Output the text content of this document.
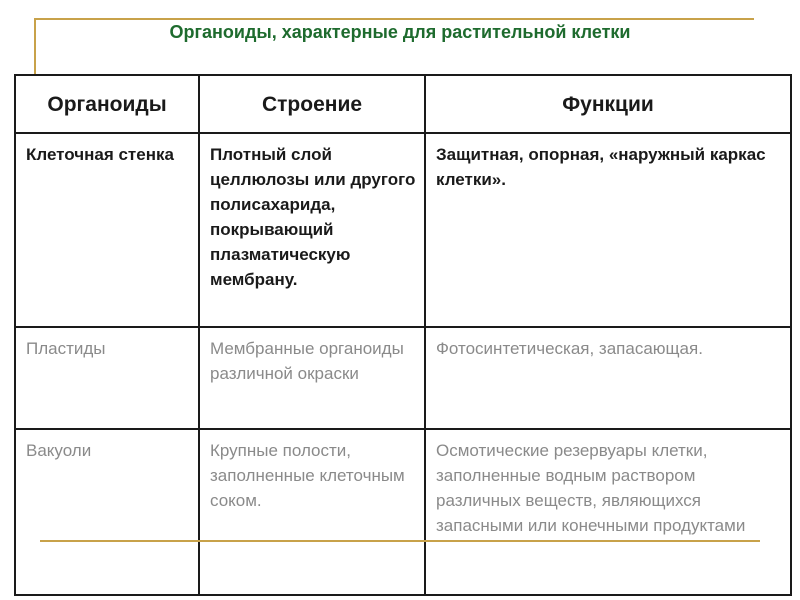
Органоиды, характерные для растительной клетки
Органоиды	Строение	Функции
Клеточная стенка	Плотный слой целлюлозы или другого полисахарида, покрывающий плазматическую мембрану.	Защитная, опорная, «наружный каркас клетки».
Пластиды	Мембранные органоиды различной окраски	Фотосинтетическая, запасающая.
Вакуоли	Крупные полости, заполненные клеточным соком.	Осмотические резервуары клетки, заполненные водным раствором различных веществ, являющихся запасными или конечными продуктами
